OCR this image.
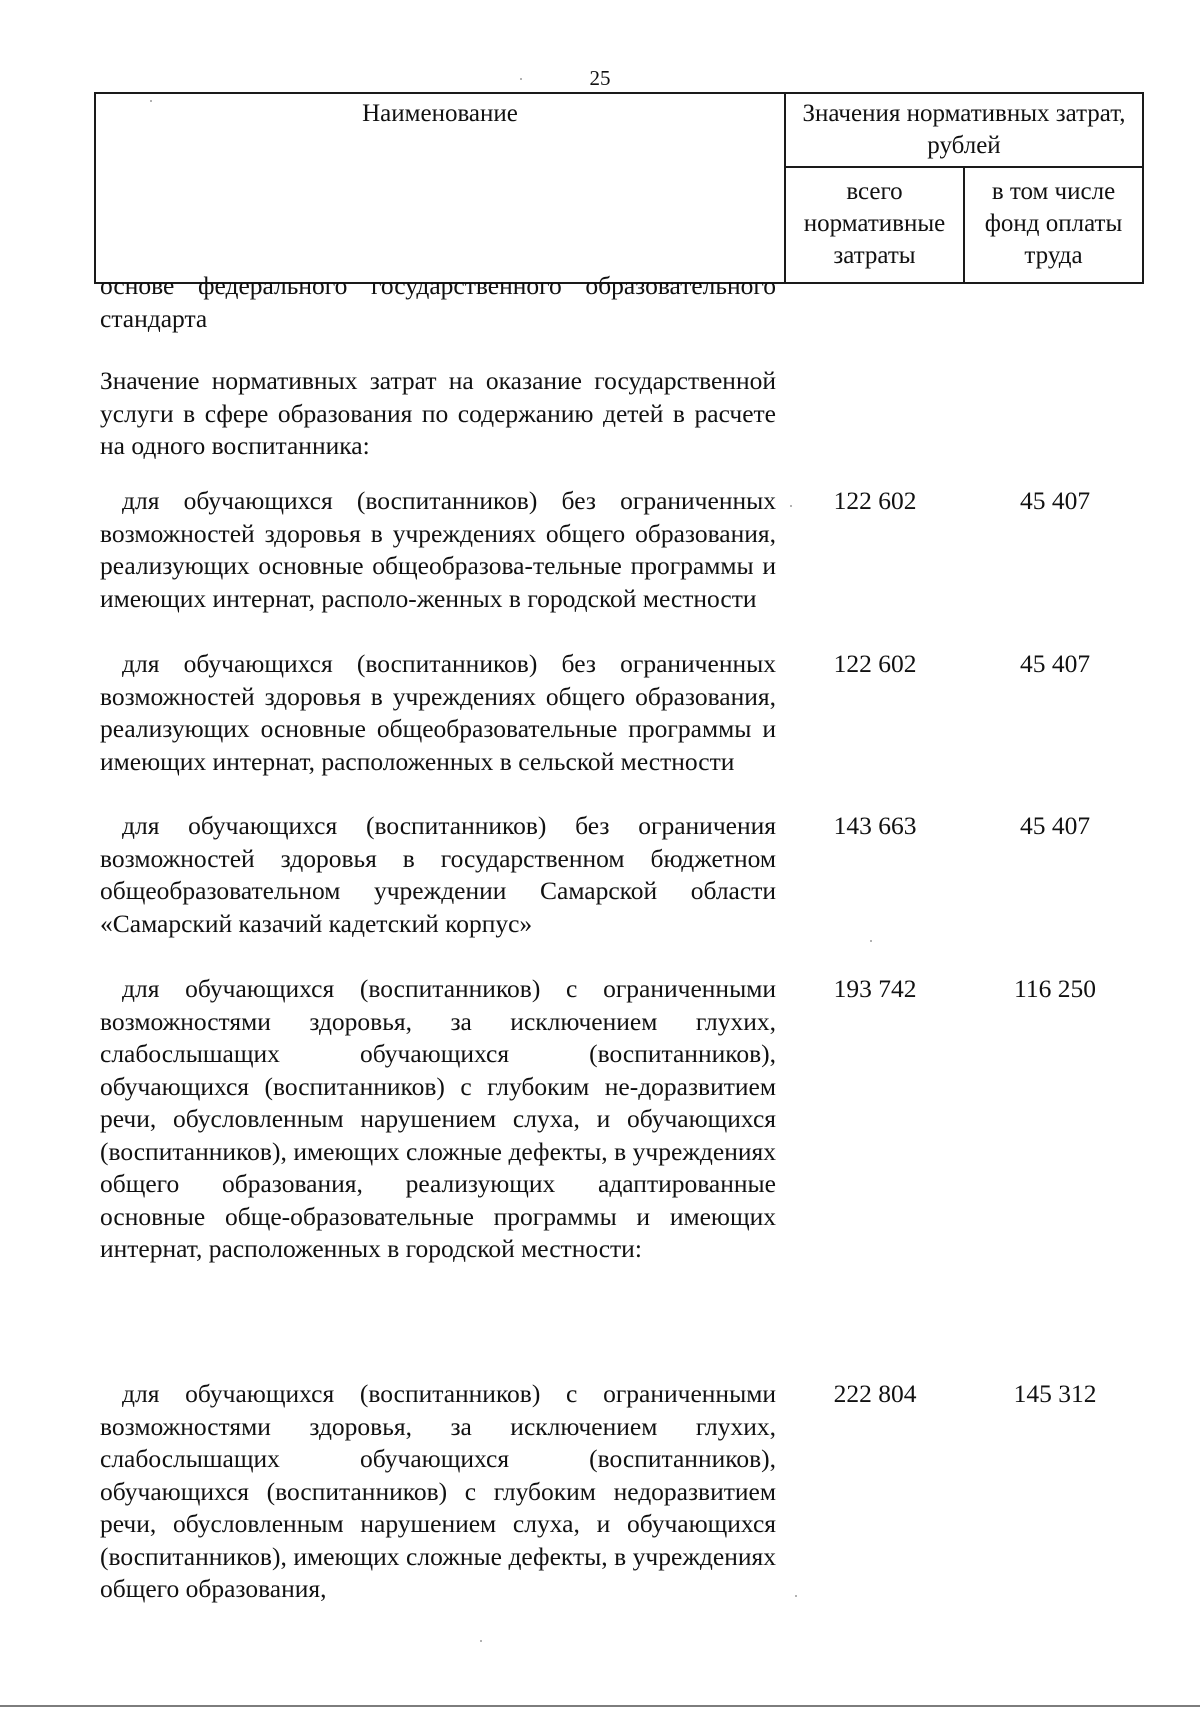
25
Наименование	Значения нормативных затрат, рублей	
	всего нормативные затраты	в том числе фонд оплаты труда

основе федерального государственного образовательного стандарта

Значение нормативных затрат на оказание государственной услуги в сфере образования по содержанию детей в расчете на одного воспитанника:

для обучающихся (воспитанников) без ограниченных возможностей здоровья в учреждениях общего образования, реализующих основные общеобразова-тельные программы и имеющих интернат, располо-женных в городской местности
122 602	45 407
для обучающихся (воспитанников) без ограниченных возможностей здоровья в учреждениях общего образования, реализующих основные общеобразовательные программы и имеющих интернат, расположенных в сельской местности
122 602	45 407
для обучающихся (воспитанников) без ограничения возможностей здоровья в государственном бюджетном общеобразовательном учреждении Самарской области «Самарский казачий кадетский корпус»
143 663	45 407
для обучающихся (воспитанников) с ограниченными возможностями здоровья, за исключением глухих, слабослышащих обучающихся (воспитанников), обучающихся (воспитанников) с глубоким не-доразвитием речи, обусловленным нарушением слуха, и обучающихся (воспитанников), имеющих сложные дефекты, в учреждениях общего образования, реализующих адаптированные основные обще-образовательные программы и имеющих интернат, расположенных в городской местности:
193 742	116 250
для обучающихся (воспитанников) с ограниченными возможностями здоровья, за исключением глухих, слабослышащих обучающихся (воспитанников), обучающихся (воспитанников) с глубоким недоразвитием речи, обусловленным нарушением слуха, и обучающихся (воспитанников), имеющих сложные дефекты, в учреждениях общего образования,
222 804	145 312
